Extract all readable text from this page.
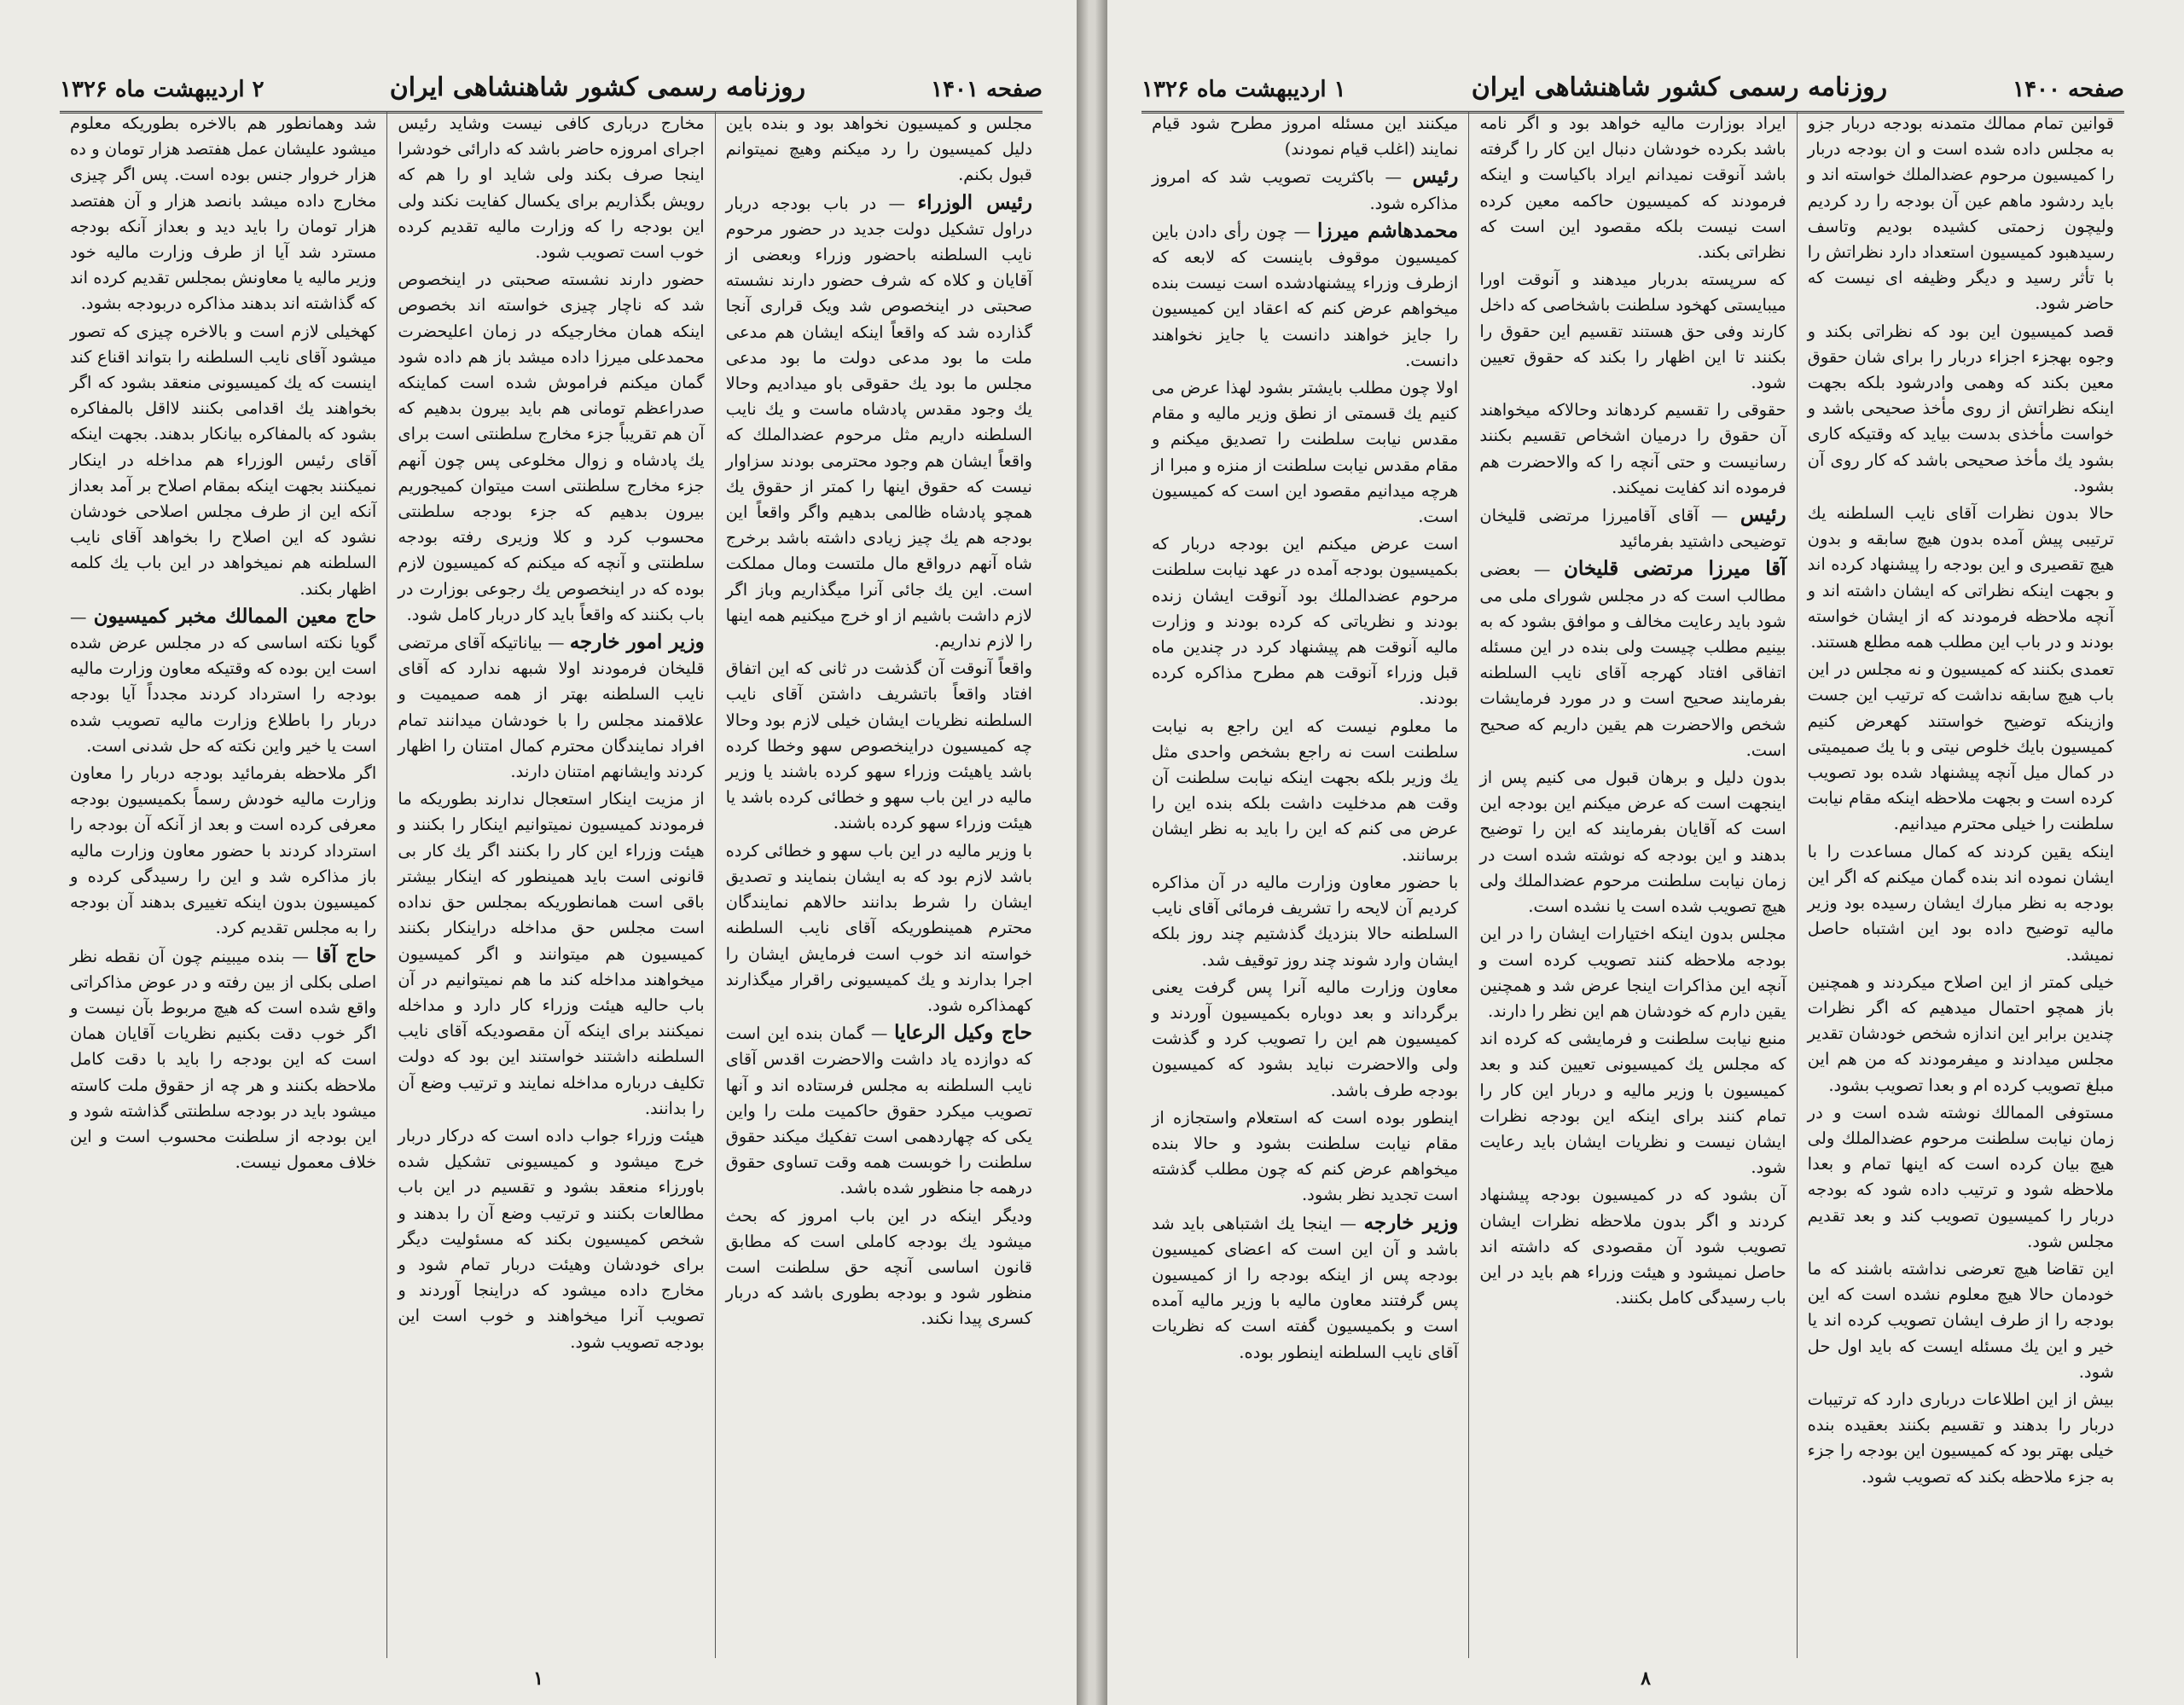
صفحه ۱۴۰۱
روزنامه رسمی کشور شاهنشاهی ایران
۲ اردیبهشت ماه ۱۳۲۶

مجلس و کمیسیون نخواهد بود و بنده باین دلیل کمیسیون را رد میکنم وهیچ نمیتوانم قبول بکنم.

رئیس الوزراء — در باب بودجه دربار دراول تشکیل دولت جدید در حضور مرحوم نایب السلطنه باحضور وزراء وبعضی از آقایان و کلاه که شرف حضور دارند نشسته صحبتی در اینخصوص شد ویک قراری آنجا گذارده شد که واقعاً اینکه ایشان هم مدعی ملت ما بود مدعی دولت ما بود مدعی مجلس ما بود یك حقوقی باو میدادیم وحالا یك وجود مقدس پادشاه ماست و یك نایب السلطنه داریم مثل مرحوم عضدالملك که واقعاً ایشان هم وجود محترمی بودند سزاوار نیست که حقوق اینها را کمتر از حقوق یك همچو پادشاه ظالمی بدهیم واگر واقعاً این بودجه هم یك چیز زیادی داشته باشد برخرج شاه آنهم درواقع مال ملتست ومال مملکت است. این یك جائی آنرا میگذاریم وباز اگر لازم داشت باشیم از او خرج میکنیم همه اینها را لازم نداریم.

واقعاً آنوقت آن گذشت در ثانی که این اتفاق افتاد واقعاً باتشریف داشتن آقای نایب السلطنه نظریات ایشان خیلی لازم بود وحالا چه کمیسیون دراینخصوص سهو وخطا کرده باشد یاهیئت وزراء سهو کرده باشند یا وزیر مالیه در این باب سهو و خطائی کرده باشد یا هیئت وزراء سهو کرده باشند.

با وزیر مالیه در این باب سهو و خطائی کرده باشد لازم بود که به ایشان بنمایند و تصدیق ایشان را شرط بدانند حالاهم نمایندگان محترم همینطوریکه آقای نایب السلطنه خواسته اند خوب است فرمایش ایشان را اجرا بدارند و یك کمیسیونی راقرار میگذارند کهمذاکره شود.

حاج وکیل الرعایا — گمان بنده این است که دوازده یاد داشت والاحضرت اقدس آقای نایب السلطنه به مجلس فرستاده اند و آنها تصویب میکرد حقوق حاکمیت ملت را واین یکی که چهاردهمی است تفکیك میکند حقوق سلطنت را خوبست همه وقت تساوی حقوق درهمه جا منظور شده باشد.

ودیگر اینکه در این باب امروز که بحث میشود یك بودجه کاملی است که مطابق قانون اساسی آنچه حق سلطنت است منظور شود و بودجه بطوری باشد که دربار کسری پیدا نکند.

مخارج درباری کافی نیست وشاید رئیس اجرای امروزه حاضر باشد که دارائی خودشرا اینجا صرف بکند ولی شاید او را هم که رویش بگذاریم برای یکسال کفایت نکند ولی این بودجه را که وزارت مالیه تقدیم کرده خوب است تصویب شود.

حضور دارند نشسته صحبتی در اینخصوص شد که ناچار چیزی خواسته اند بخصوص اینکه همان مخارجیکه در زمان اعلیحضرت محمدعلی میرزا داده میشد باز هم داده شود گمان میکنم فراموش شده است کماینکه صدراعظم تومانی هم باید بیرون بدهیم که آن هم تقریباً جزء مخارج سلطنتی است برای یك پادشاه و زوال مخلوعی پس چون آنهم جزء مخارج سلطنتی است میتوان کمیجوریم بیرون بدهیم که جزء بودجه سلطنتی محسوب کرد و کلا وزیری رفته بودجه سلطنتی و آنچه که میکنم که کمیسیون لازم بوده که در اینخصوص یك رجوعی بوزارت در باب بکنند که واقعاً باید کار دربار کامل شود.

وزیر امور خارجه — بیاناتیکه آقای مرتضی قلیخان فرمودند اولا شبهه ندارد که آقای نایب السلطنه بهتر از همه صمیمیت و علاقمند مجلس را با خودشان میدانند تمام افراد نمایندگان محترم کمال امتنان را اظهار کردند وایشانهم امتنان دارند.

از مزیت اینکار استعجال ندارند بطوریکه ما فرمودند کمیسیون نمیتوانیم اینکار را بکنند و هیئت وزراء این کار را بکنند اگر یك کار بی قانونی است باید همینطور که اینکار بیشتر باقی است همانطوریکه بمجلس حق نداده است مجلس حق مداخله دراینکار بکنند کمیسیون هم میتوانند و اگر کمیسیون میخواهند مداخله کند ما هم نمیتوانیم در آن باب حالیه هیئت وزراء کار دارد و مداخله نمیکنند برای اینکه آن مقصودیکه آقای نایب السلطنه داشتند خواستند این بود که دولت تکلیف درباره مداخله نمایند و ترتیب وضع آن را بدانند.

هیئت وزراء جواب داده است که درکار دربار خرج میشود و کمیسیونی تشکیل شده باورزاء منعقد بشود و تقسیم در این باب مطالعات بکنند و ترتیب وضع آن را بدهند و شخص کمیسیون بکند که مسئولیت دیگر برای خودشان وهیئت دربار تمام شود و مخارج داده میشود که دراینجا آوردند و تصویب آنرا میخواهند و خوب است این بودجه تصویب شود.

شد وهمانطور هم بالاخره بطوریکه معلوم میشود علیشان عمل هفتصد هزار تومان و ده هزار خروار جنس بوده است. پس اگر چیزی مخارج داده میشد بانصد هزار و آن هفتصد هزار تومان را باید دید و بعداز آنکه بودجه مسترد شد آیا از طرف وزارت مالیه خود وزیر مالیه یا معاونش بمجلس تقدیم کرده اند که گذاشته اند بدهند مذاکره دربودجه بشود.

کهخیلی لازم است و بالاخره چیزی که تصور میشود آقای نایب السلطنه را بتواند اقناع کند اینست که یك کمیسیونی منعقد بشود که اگر بخواهند یك اقدامی بکنند لااقل بالمفاکره بشود که بالمفاکره بیانکار بدهند. بجهت اینکه آقای رئیس الوزراء هم مداخله در اینکار نمیکنند بجهت اینکه بمقام اصلاح بر آمد بعداز آنکه این از طرف مجلس اصلاحی خودشان نشود که این اصلاح را بخواهد آقای نایب السلطنه هم نمیخواهد در این باب یك کلمه اظهار بکند.

حاج معین الممالك مخبر کمیسیون — گویا نکته اساسی که در مجلس عرض شده است این بوده که وقتیکه معاون وزارت مالیه بودجه را استرداد کردند مجدداً آیا بودجه دربار را باطلاع وزارت مالیه تصویب شده است یا خیر واین نکته که حل شدنی است.

اگر ملاحظه بفرمائید بودجه دربار را معاون وزارت مالیه خودش رسماً بکمیسیون بودجه معرفی کرده است و بعد از آنکه آن بودجه را استرداد کردند با حضور معاون وزارت مالیه باز مذاکره شد و این را رسیدگی کرده و کمیسیون بدون اینکه تغییری بدهند آن بودجه را به مجلس تقدیم کرد.

حاج آقا — بنده میبینم چون آن نقطه نظر اصلی بکلی از بین رفته و در عوض مذاکراتی واقع شده است که هیچ مربوط بآن نیست و اگر خوب دقت بکنیم نظریات آقایان همان است که این بودجه را باید با دقت کامل ملاحظه بکنند و هر چه از حقوق ملت کاسته میشود باید در بودجه سلطنتی گذاشته شود و این بودجه از سلطنت محسوب است و این خلاف معمول نیست.

۱
صفحه ۱۴۰۰
روزنامه رسمی کشور شاهنشاهی ایران
۱ اردیبهشت ماه ۱۳۲۶

قوانین تمام ممالك متمدنه بودجه دربار جزو به مجلس داده شده است و ان بودجه دربار را کمیسیون مرحوم عضدالملك خواسته اند و باید ردشود ماهم عین آن بودجه را رد کردیم ولیچون زحمتی کشیده بودیم وتاسف رسیدهبود کمیسیون استعداد دارد نظراتش را با تأثر رسید و دیگر وظیفه ای نیست که حاضر شود.

قصد کمیسیون این بود که نظراتی بکند و وجوه بهجزء اجزاء دربار را برای شان حقوق معین بکند که وهمی وادرشود بلکه بجهت اینکه نظراتش از روی مأخذ صحیحی باشد و خواست مأخذی بدست بیاید که وقتیکه کاری بشود یك مأخذ صحیحی باشد که کار روی آن بشود.

حالا بدون نظرات آقای نایب السلطنه یك ترتیبی پیش آمده بدون هیچ سابقه و بدون هیچ تقصیری و این بودجه را پیشنهاد کرده اند و بجهت اینکه نظراتی که ایشان داشته اند و آنچه ملاحظه فرمودند که از ایشان خواسته بودند و در باب این مطلب همه مطلع هستند.

تعمدی بکنند که کمیسیون و نه مجلس در این باب هیچ سابقه نداشت که ترتیب این جست وازینکه توضیح خواستند کهعرض کنیم کمیسیون بایك خلوص نیتی و با یك صمیمیتی در کمال میل آنچه پیشنهاد شده بود تصویب کرده است و بجهت ملاحظه اینکه مقام نیابت سلطنت را خیلی محترم میدانیم.

اینکه یقین کردند که کمال مساعدت را با ایشان نموده اند بنده گمان میکنم که اگر این بودجه به نظر مبارك ایشان رسیده بود وزیر مالیه توضیح داده بود این اشتباه حاصل نمیشد.

خیلی کمتر از این اصلاح میکردند و همچنین باز همچو احتمال میدهیم که اگر نظرات چندین برابر این اندازه شخص خودشان تقدیر مجلس میدادند و میفرمودند که من هم این مبلغ تصویب کرده ام و بعدا تصویب بشود.

مستوفی الممالك نوشته شده است و در زمان نیابت سلطنت مرحوم عضدالملك ولی هیچ بیان کرده است که اینها تمام و بعدا ملاحظه شود و ترتیب داده شود که بودجه دربار را کمیسیون تصویب کند و بعد تقدیم مجلس شود.

این تقاضا هیچ تعرضی نداشته باشند که ما خودمان حالا هیچ معلوم نشده است که این بودجه را از طرف ایشان تصویب کرده اند یا خیر و این یك مسئله ایست که باید اول حل شود.

بیش از این اطلاعات درباری دارد که ترتیبات دربار را بدهند و تقسیم بکنند بعقیده بنده خیلی بهتر بود که کمیسیون این بودجه را جزء به جزء ملاحظه بکند که تصویب شود.

ایراد بوزارت مالیه خواهد بود و اگر نامه باشد بکرده خودشان دنبال این کار را گرفته باشد آنوقت نمیدانم ایراد باکیاست و اینکه فرمودند که کمیسیون حاکمه معین کرده است نیست بلکه مقصود این است که نظراتی بکند.

که سرپسته بدربار میدهند و آنوقت اورا میبایستی کهخود سلطنت باشخاصی که داخل کارند وفی حق هستند تقسیم این حقوق را بکنند تا این اظهار را بکند که حقوق تعیین شود.

حقوقی را تقسیم کردهاند وحالاکه میخواهند آن حقوق را درمیان اشخاص تقسیم بکنند رسانیست و حتی آنچه را که والاحضرت هم فرموده اند کفایت نمیکند.

رئیس — آقای آقامیرزا مرتضی قلیخان توضیحی داشتید بفرمائید

آقا میرزا مرتضی قلیخان — بعضی مطالب است که در مجلس شورای ملی می شود باید رعایت مخالف و موافق بشود که به بینیم مطلب چیست ولی بنده در این مسئله اتفاقی افتاد کهرجه آقای نایب السلطنه بفرمایند صحیح است و در مورد فرمایشات شخص والاحضرت هم یقین داریم که صحیح است.

بدون دلیل و برهان قبول می کنیم پس از اینجهت است که عرض میکنم این بودجه این است که آقایان بفرمایند که این را توضیح بدهند و این بودجه که نوشته شده است در زمان نیابت سلطنت مرحوم عضدالملك ولی هیچ تصویب شده است یا نشده است.

مجلس بدون اینکه اختیارات ایشان را در این بودجه ملاحظه کنند تصویب کرده است و آنچه این مذاکرات اینجا عرض شد و همچنین یقین دارم که خودشان هم این نظر را دارند.

منبع نیابت سلطنت و فرمایشی که کرده اند که مجلس یك کمیسیونی تعیین کند و بعد کمیسیون با وزیر مالیه و دربار این کار را تمام کنند برای اینکه این بودجه نظرات ایشان نیست و نظریات ایشان باید رعایت شود.

آن بشود که در کمیسیون بودجه پیشنهاد کردند و اگر بدون ملاحظه نظرات ایشان تصویب شود آن مقصودی که داشته اند حاصل نمیشود و هیئت وزراء هم باید در این باب رسیدگی کامل بکنند.

میکنند این مسئله امروز مطرح شود قیام نمایند (اغلب قیام نمودند)

رئیس — باکثریت تصویب شد که امروز مذاکره شود.

محمدهاشم میرزا — چون رأی دادن باین کمیسیون موقوف باینست که لابعه که ازطرف وزراء پیشنهادشده است نیست بنده میخواهم عرض کنم که اعقاد این کمیسیون را جایز خواهند دانست یا جایز نخواهند دانست.

اولا چون مطلب بایشتر بشود لهذا عرض می کنیم یك قسمتی از نطق وزیر مالیه و مقام مقدس نیابت سلطنت را تصدیق میکنم و مقام مقدس نیابت سلطنت از منزه و مبرا از هرچه میدانیم مقصود این است که کمیسیون است.

است عرض میکنم این بودجه دربار که بکمیسیون بودجه آمده در عهد نیابت سلطنت مرحوم عضدالملك بود آنوقت ایشان زنده بودند و نظریاتی که کرده بودند و وزارت مالیه آنوقت هم پیشنهاد کرد در چندین ماه قبل وزراء آنوقت هم مطرح مذاکره کرده بودند.

ما معلوم نیست که این راجع به نیابت سلطنت است نه راجع بشخص واحدی مثل یك وزیر بلکه بجهت اینکه نیابت سلطنت آن وقت هم مدخلیت داشت بلکه بنده این را عرض می کنم که این را باید به نظر ایشان برسانند.

با حضور معاون وزارت مالیه در آن مذاکره کردیم آن لایحه را تشریف فرمائی آقای نایب السلطنه حالا بنزدیك گذشتیم چند روز بلکه ایشان وارد شوند چند روز توقیف شد.

معاون وزارت مالیه آنرا پس گرفت یعنی برگرداند و بعد دوباره بکمیسیون آوردند و کمیسیون هم این را تصویب کرد و گذشت ولی والاحضرت نباید بشود که کمیسیون بودجه طرف باشد.

اینطور بوده است که استعلام واستجازه از مقام نیابت سلطنت بشود و حالا بنده میخواهم عرض کنم که چون مطلب گذشته است تجدید نظر بشود.

وزیر خارجه — اینجا یك اشتباهی باید شد باشد و آن این است که اعضای کمیسیون بودجه پس از اینکه بودجه را از کمیسیون پس گرفتند معاون مالیه با وزیر مالیه آمده است و بکمیسیون گفته است که نظریات آقای نایب السلطنه اینطور بوده.

۸
